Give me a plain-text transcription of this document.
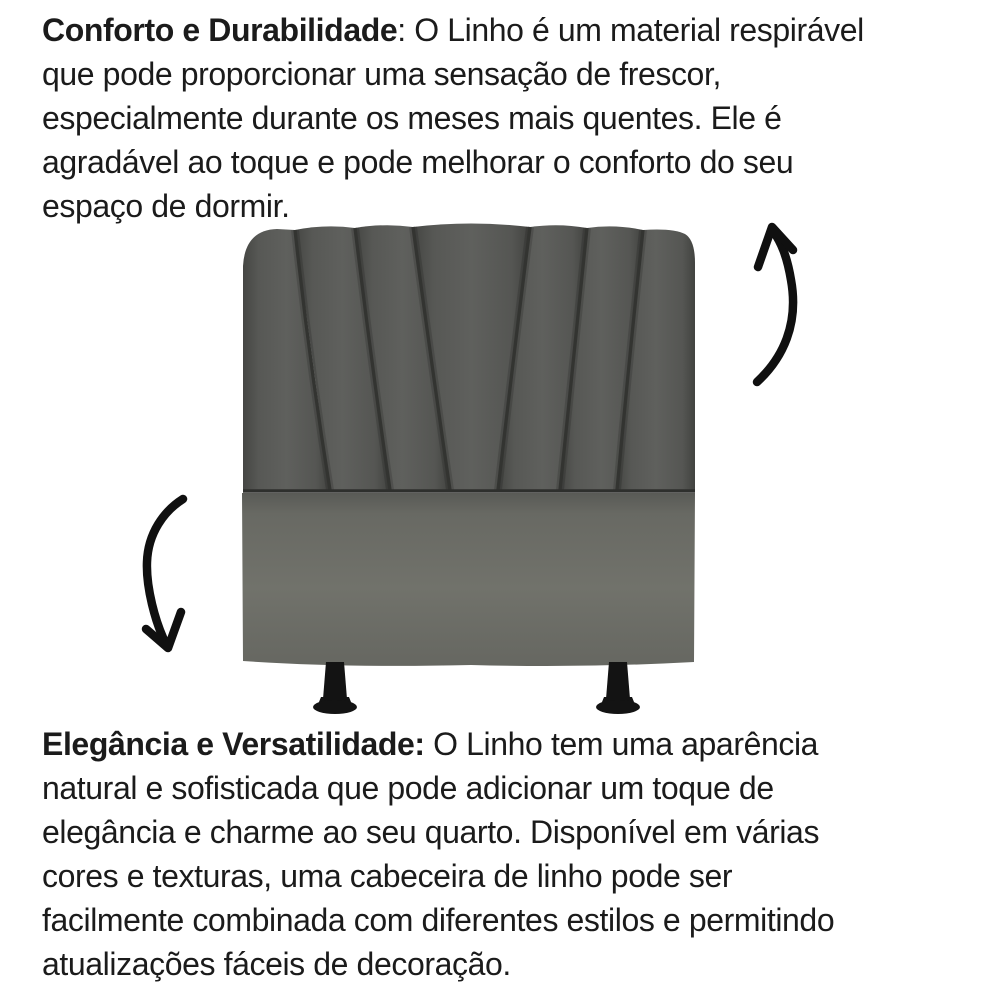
Conforto e Durabilidade: O Linho é um material respirável
que pode proporcionar uma sensação de frescor,
especialmente durante os meses mais quentes. Ele é
agradável ao toque e pode melhorar o conforto do seu
espaço de dormir.
Elegância e Versatilidade: O Linho tem uma aparência
natural e sofisticada que pode adicionar um toque de
elegância e charme ao seu quarto. Disponível em várias
cores e texturas, uma cabeceira de linho pode ser
facilmente combinada com diferentes estilos e permitindo
atualizações fáceis de decoração.
